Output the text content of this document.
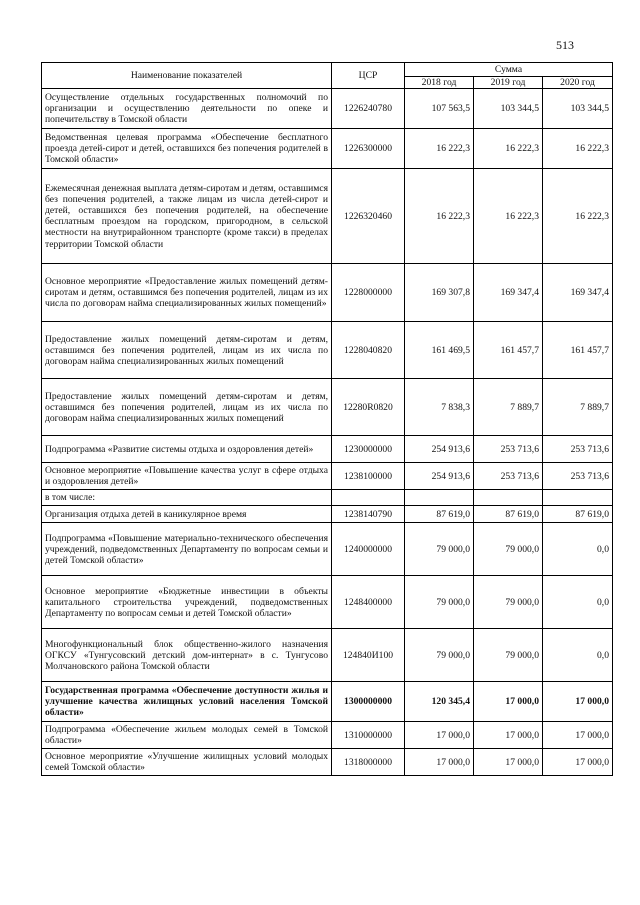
513
Наименование показателей	ЦСР	Сумма		
		2018 год	2019 год	2020 год
Осуществление отдельных государственных полномочий по организации и осуществлению деятельности по опеке и попечительству в Томской области	1226240780	107 563,5	103 344,5	103 344,5
Ведомственная целевая программа «Обеспечение бесплатного проезда детей-сирот и детей, оставшихся без попечения родителей в Томской области»	1226300000	16 222,3	16 222,3	16 222,3
Ежемесячная денежная выплата детям-сиротам и детям, оставшимся без попечения родителей, а также лицам из числа детей-сирот и детей, оставшихся без попечения родителей, на обеспечение бесплатным проездом на городском, пригородном, в сельской местности на внутрирайонном транспорте (кроме такси) в пределах территории Томской области	1226320460	16 222,3	16 222,3	16 222,3
Основное мероприятие «Предоставление жилых помещений детям-сиротам и детям, оставшимся без попечения родителей, лицам из их числа по договорам найма специализированных жилых помещений»	1228000000	169 307,8	169 347,4	169 347,4
Предоставление жилых помещений детям-сиротам и детям, оставшимся без попечения родителей, лицам из их числа по договорам найма специализированных жилых помещений	1228040820	161 469,5	161 457,7	161 457,7
Предоставление жилых помещений детям-сиротам и детям, оставшимся без попечения родителей, лицам из их числа по договорам найма специализированных жилых помещений	12280R0820	7 838,3	7 889,7	7 889,7
Подпрограмма «Развитие системы отдыха и оздоровления детей»	1230000000	254 913,6	253 713,6	253 713,6
Основное мероприятие «Повышение качества услуг в сфере отдыха и оздоровления детей»	1238100000	254 913,6	253 713,6	253 713,6
в том числе:				
Организация отдыха детей в каникулярное время	1238140790	87 619,0	87 619,0	87 619,0
Подпрограмма «Повышение материально-технического обеспечения учреждений, подведомственных Департаменту по вопросам семьи и детей Томской области»	1240000000	79 000,0	79 000,0	0,0
Основное мероприятие «Бюджетные инвестиции в объекты капитального строительства учреждений, подведомственных Департаменту по вопросам семьи и детей Томской области»	1248400000	79 000,0	79 000,0	0,0
Многофункциональный блок общественно-жилого назначения ОГКСУ «Тунгусовский детский дом-интернат» в с. Тунгусово Молчановского района Томской области	124840И100	79 000,0	79 000,0	0,0
Государственная программа «Обеспечение доступности жилья и улучшение качества жилищных условий населения Томской области»	1300000000	120 345,4	17 000,0	17 000,0
Подпрограмма «Обеспечение жильем молодых семей в Томской области»	1310000000	17 000,0	17 000,0	17 000,0
Основное мероприятие «Улучшение жилищных условий молодых семей Томской области»	1318000000	17 000,0	17 000,0	17 000,0
